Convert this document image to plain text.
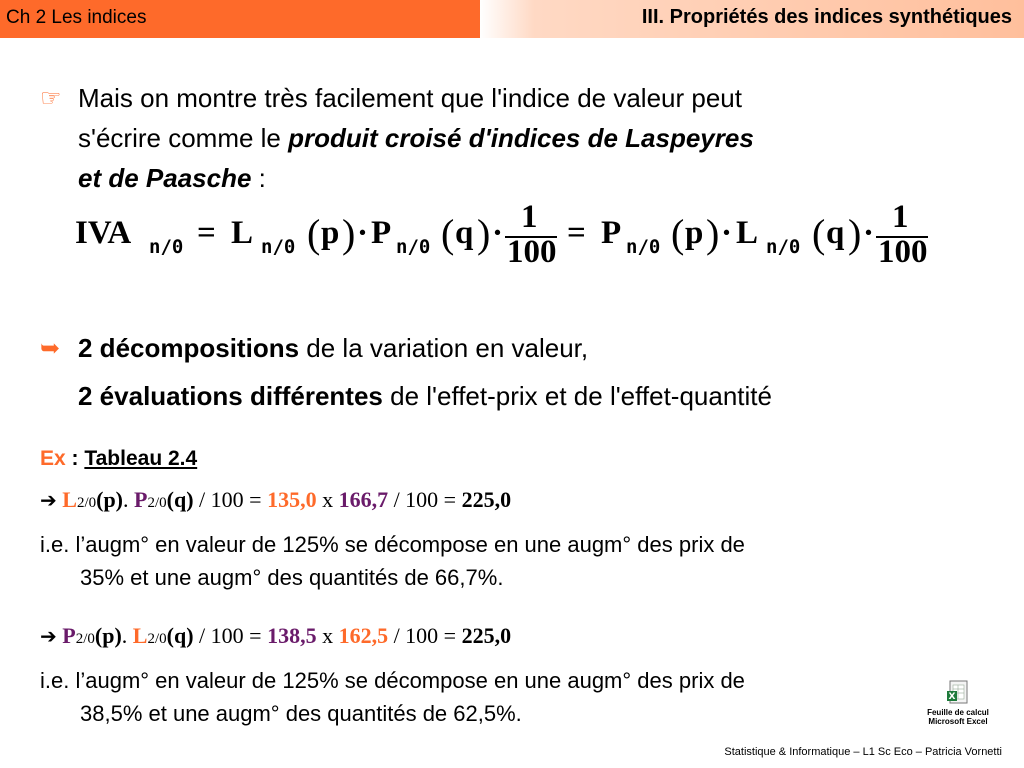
Ch 2 Les indices	III. Propriétés des indices synthétiques
☞ Mais on montre très facilement que l'indice de valeur peut
s'écrire comme le produit croisé d'indices de Laspeyres
et de Paasche :
IVA n/0 = L n/0 ( p ) · P n/0 ( q ) · 1
100
= P n/0 ( p ) · L n/0 ( q ) · 1
100
➥ 2 décompositions de la variation en valeur,
2 évaluations différentes de l'effet-prix et de l'effet-quantité
Ex : Tableau 2.4
➔ L2/0(p). P2/0(q) / 100 = 135,0 x 166,7 / 100 = 225,0
i.e. l’augm° en valeur de 125% se décompose en une augm° des prix de
35% et une augm° des quantités de 66,7%.
➔ P2/0(p). L2/0(q) / 100 = 138,5 x 162,5 / 100 = 225,0
i.e. l’augm° en valeur de 125% se décompose en une augm° des prix de
38,5% et une augm° des quantités de 62,5%.
X
Feuille de calcul
Microsoft Excel
Statistique & Informatique – L1 Sc Eco – Patricia Vornetti
